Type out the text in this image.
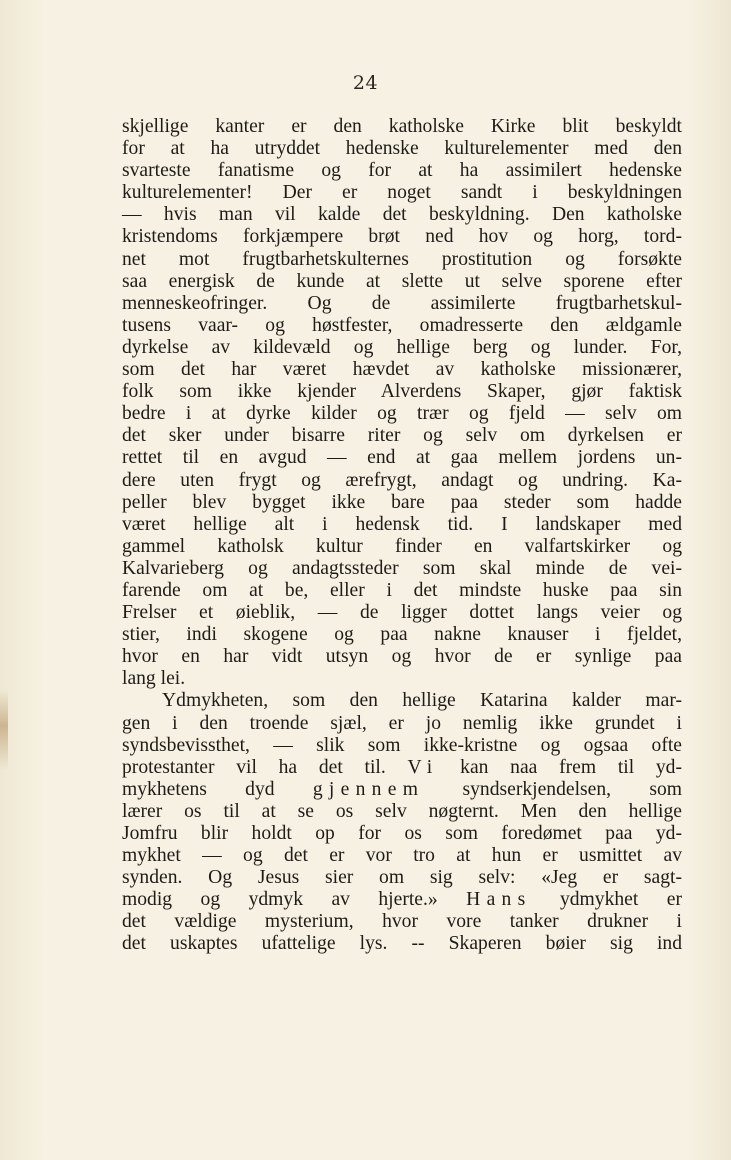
24
skjellige kanter er den katholske Kirke blit beskyldt
for at ha utryddet hedenske kulturelementer med den
svarteste fanatisme og for at ha assimilert hedenske
kulturelementer! Der er noget sandt i beskyldningen
— hvis man vil kalde det beskyldning. Den katholske
kristendoms forkjæmpere brøt ned hov og horg, tord-
net mot frugtbarhetskulternes prostitution og forsøkte
saa energisk de kunde at slette ut selve sporene efter
menneskeofringer. Og de assimilerte frugtbarhetskul-
tusens vaar- og høstfester, omadresserte den ældgamle
dyrkelse av kildevæld og hellige berg og lunder. For,
som det har været hævdet av katholske missionærer,
folk som ikke kjender Alverdens Skaper, gjør faktisk
bedre i at dyrke kilder og trær og fjeld — selv om
det sker under bisarre riter og selv om dyrkelsen er
rettet til en avgud — end at gaa mellem jordens un-
dere uten frygt og ærefrygt, andagt og undring. Ka-
peller blev bygget ikke bare paa steder som hadde
været hellige alt i hedensk tid. I landskaper med
gammel katholsk kultur finder en valfartskirker og
Kalvarieberg og andagtssteder som skal minde de vei-
farende om at be, eller i det mindste huske paa sin
Frelser et øieblik, — de ligger dottet langs veier og
stier, indi skogene og paa nakne knauser i fjeldet,
hvor en har vidt utsyn og hvor de er synlige paa
lang lei.
Ydmykheten, som den hellige Katarina kalder mar-
gen i den troende sjæl, er jo nemlig ikke grundet i
syndsbevissthet, — slik som ikke-kristne og ogsaa ofte
protestanter vil ha det til. Vi kan naa frem til yd-
mykhetens dyd gjennem syndserkjendelsen, som
lærer os til at se os selv nøgternt. Men den hellige
Jomfru blir holdt op for os som foredømet paa yd-
mykhet — og det er vor tro at hun er usmittet av
synden. Og Jesus sier om sig selv: «Jeg er sagt-
modig og ydmyk av hjerte.» Hans ydmykhet er
det vældige mysterium, hvor vore tanker drukner i
det uskaptes ufattelige lys. -- Skaperen bøier sig ind
